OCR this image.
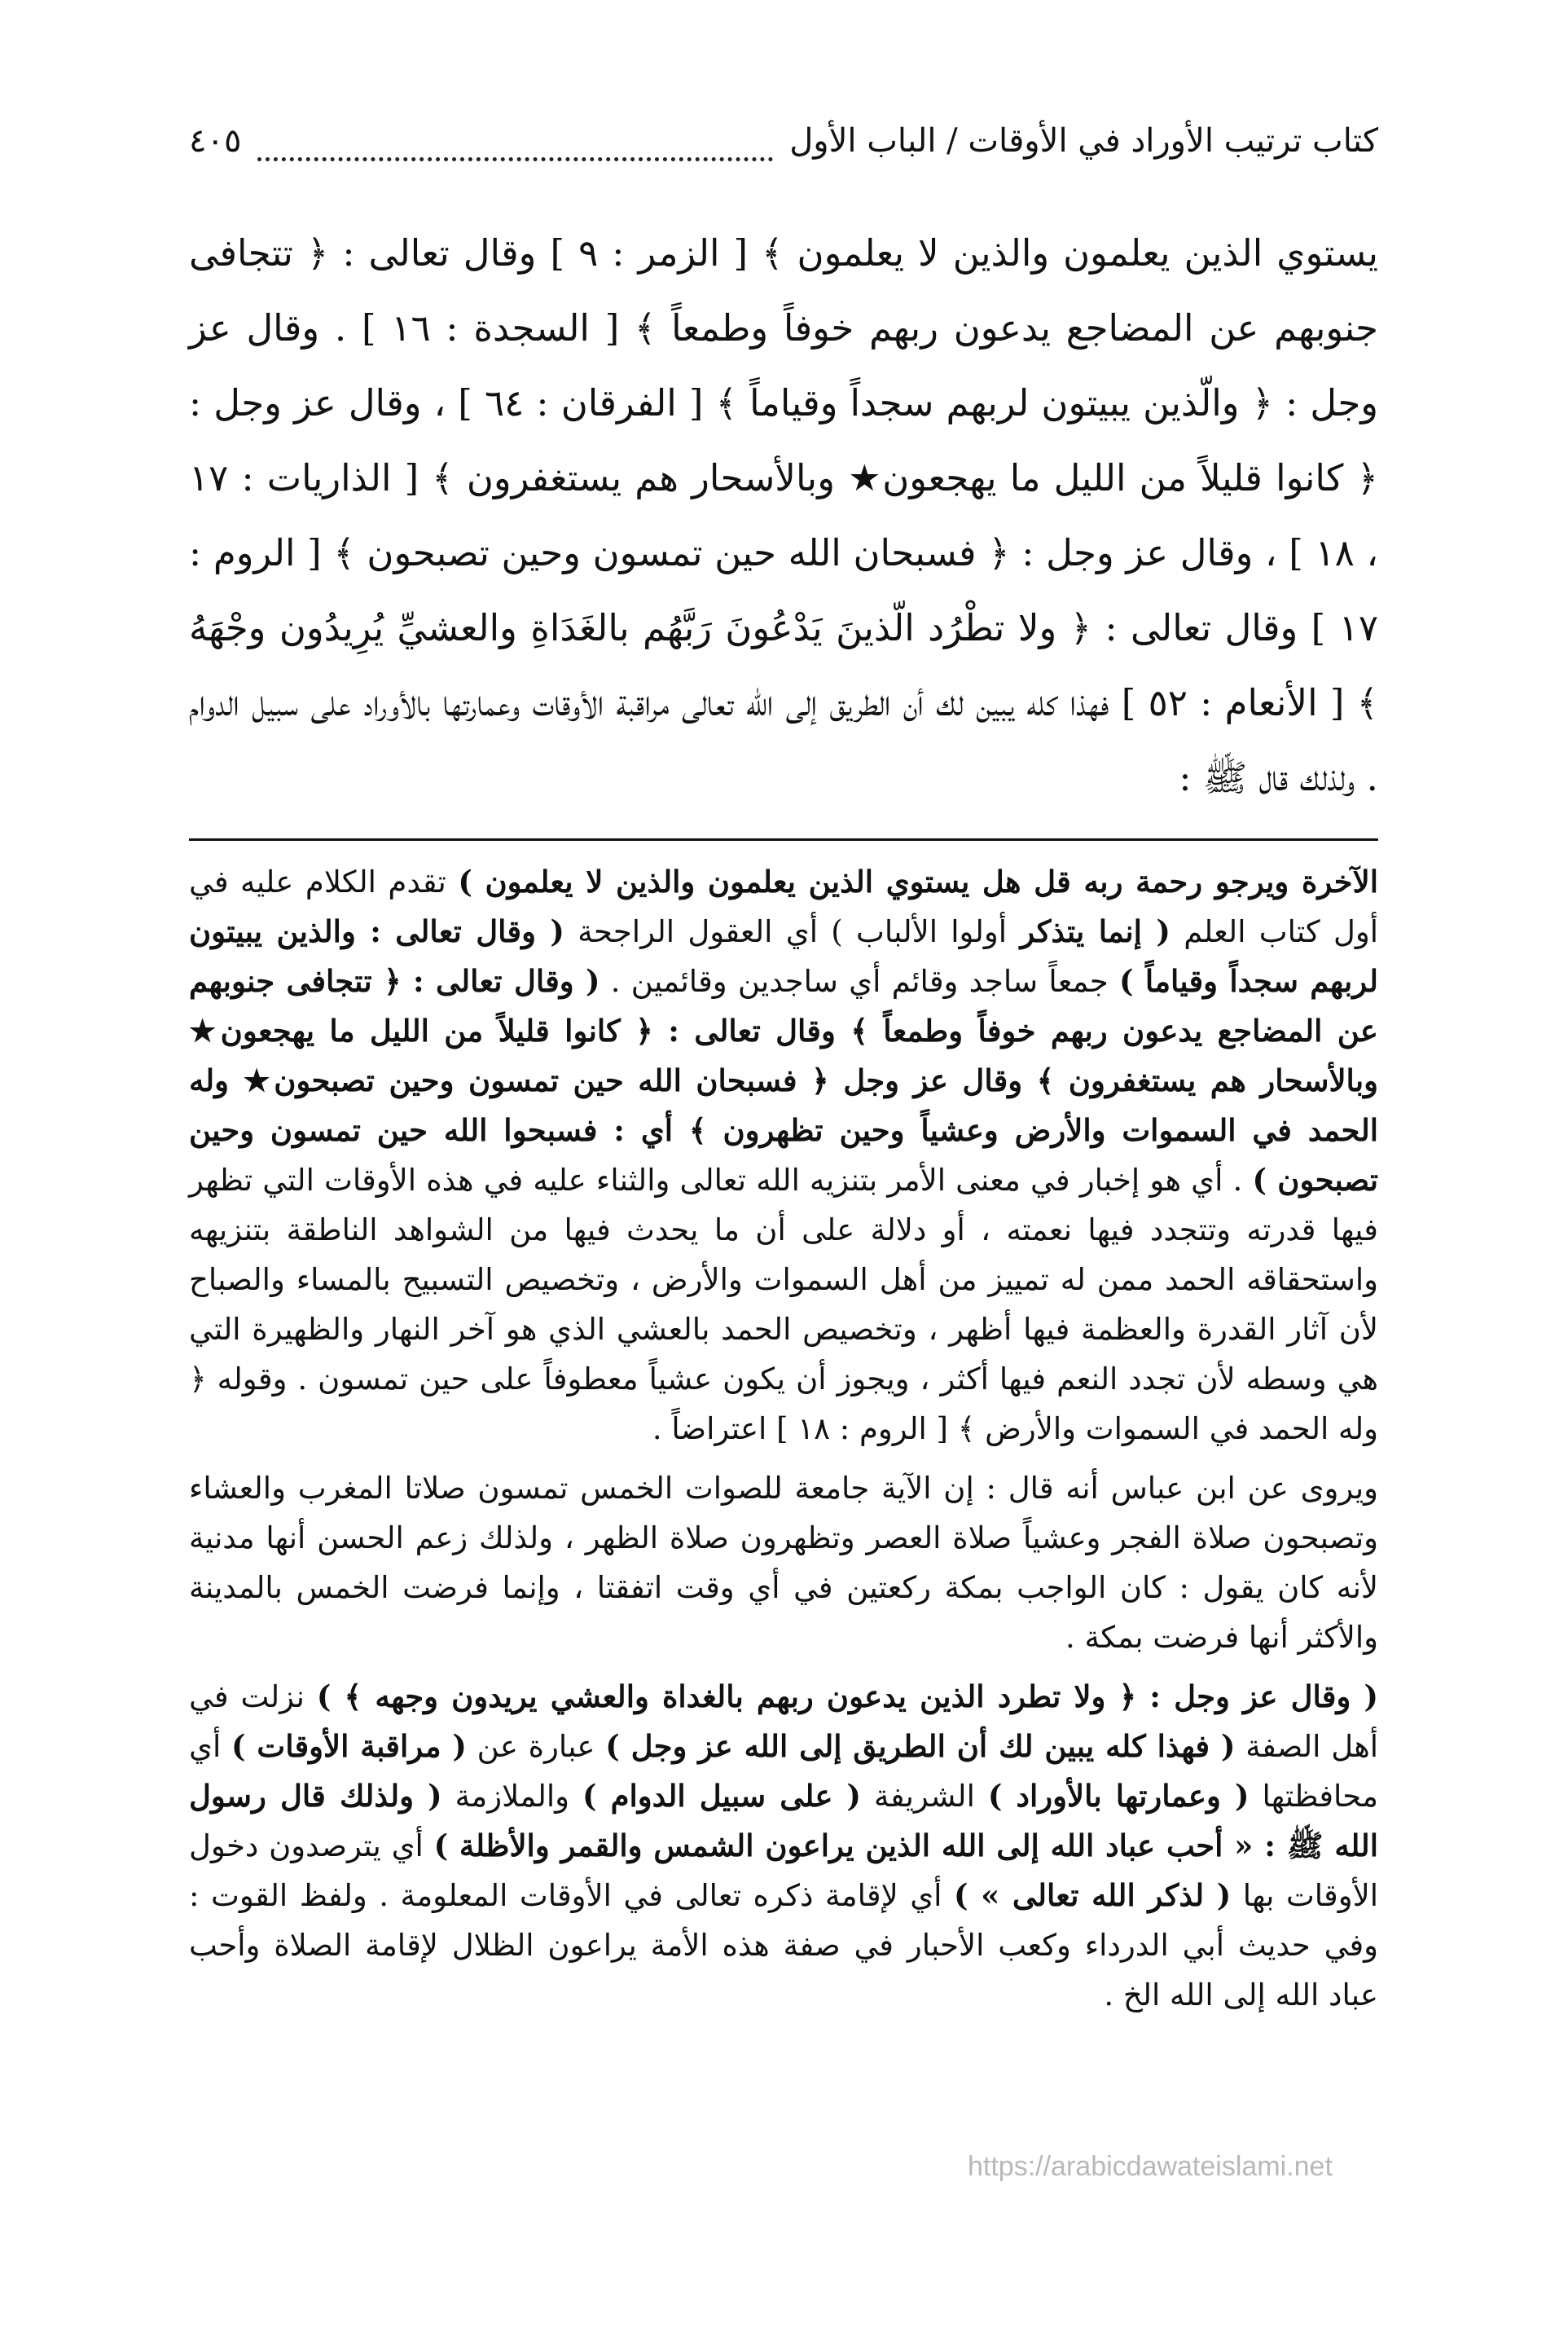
كتاب ترتيب الأوراد في الأوقات / الباب الأول
٤٠٥

يستوي الذين يعلمون والذين لا يعلمون ﴾ [ الزمر : ٩ ] وقال تعالى : ﴿ تتجافى جنوبهم عن المضاجع يدعون ربهم خوفاً وطمعاً ﴾ [ السجدة : ١٦ ] . وقال عز وجل : ﴿ والّذين يبيتون لربهم سجداً وقياماً ﴾ [ الفرقان : ٦٤ ] ، وقال عز وجل : ﴿ كانوا قليلاً من الليل ما يهجعون★ وبالأسحار هم يستغفرون ﴾ [ الذاريات : ١٧ ، ١٨ ] ، وقال عز وجل : ﴿ فسبحان الله حين تمسون وحين تصبحون ﴾ [ الروم : ١٧ ] وقال تعالى : ﴿ ولا تطْرُد الّذينَ يَدْعُونَ رَبَّهُم بالغَدَاةِ والعشيِّ يُرِيدُون وجْهَهُ ﴾ [ الأنعام : ٥٢ ] فهذا كله يبين لك أن الطريق إلى الله تعالى مراقبة الأوقات وعمارتها بالأوراد على سبيل الدوام . ولذلك قال ﷺ :

الآخرة ويرجو رحمة ربه قل هل يستوي الذين يعلمون والذين لا يعلمون ) تقدم الكلام عليه في أول كتاب العلم ( إنما يتذكر أولوا الألباب ) أي العقول الراجحة ( وقال تعالى : والذين يبيتون لربهم سجداً وقياماً ) جمعاً ساجد وقائم أي ساجدين وقائمين . ( وقال تعالى : ﴿ تتجافى جنوبهم عن المضاجع يدعون ربهم خوفاً وطمعاً ﴾ وقال تعالى : ﴿ كانوا قليلاً من الليل ما يهجعون★ وبالأسحار هم يستغفرون ﴾ وقال عز وجل ﴿ فسبحان الله حين تمسون وحين تصبحون★ وله الحمد في السموات والأرض وعشياً وحين تظهرون ﴾ أي : فسبحوا الله حين تمسون وحين تصبحون ) . أي هو إخبار في معنى الأمر بتنزيه الله تعالى والثناء عليه في هذه الأوقات التي تظهر فيها قدرته وتتجدد فيها نعمته ، أو دلالة على أن ما يحدث فيها من الشواهد الناطقة بتنزيهه واستحقاقه الحمد ممن له تمييز من أهل السموات والأرض ، وتخصيص التسبيح بالمساء والصباح لأن آثار القدرة والعظمة فيها أظهر ، وتخصيص الحمد بالعشي الذي هو آخر النهار والظهيرة التي هي وسطه لأن تجدد النعم فيها أكثر ، ويجوز أن يكون عشياً معطوفاً على حين تمسون . وقوله ﴿ وله الحمد في السموات والأرض ﴾ [ الروم : ١٨ ] اعتراضاً .

ويروى عن ابن عباس أنه قال : إن الآية جامعة للصوات الخمس تمسون صلاتا المغرب والعشاء وتصبحون صلاة الفجر وعشياً صلاة العصر وتظهرون صلاة الظهر ، ولذلك زعم الحسن أنها مدنية لأنه كان يقول : كان الواجب بمكة ركعتين في أي وقت اتفقتا ، وإنما فرضت الخمس بالمدينة والأكثر أنها فرضت بمكة .

( وقال عز وجل : ﴿ ولا تطرد الذين يدعون ربهم بالغداة والعشي يريدون وجهه ﴾ ) نزلت في أهل الصفة ( فهذا كله يبين لك أن الطريق إلى الله عز وجل ) عبارة عن ( مراقبة الأوقات ) أي محافظتها ( وعمارتها بالأوراد ) الشريفة ( على سبيل الدوام ) والملازمة ( ولذلك قال رسول الله ﷺ : « أحب عباد الله إلى الله الذين يراعون الشمس والقمر والأظلة ) أي يترصدون دخول الأوقات بها ( لذكر الله تعالى » ) أي لإقامة ذكره تعالى في الأوقات المعلومة . ولفظ القوت : وفي حديث أبي الدرداء وكعب الأحبار في صفة هذه الأمة يراعون الظلال لإقامة الصلاة وأحب عباد الله إلى الله الخ .

https://arabicdawateislami.net
